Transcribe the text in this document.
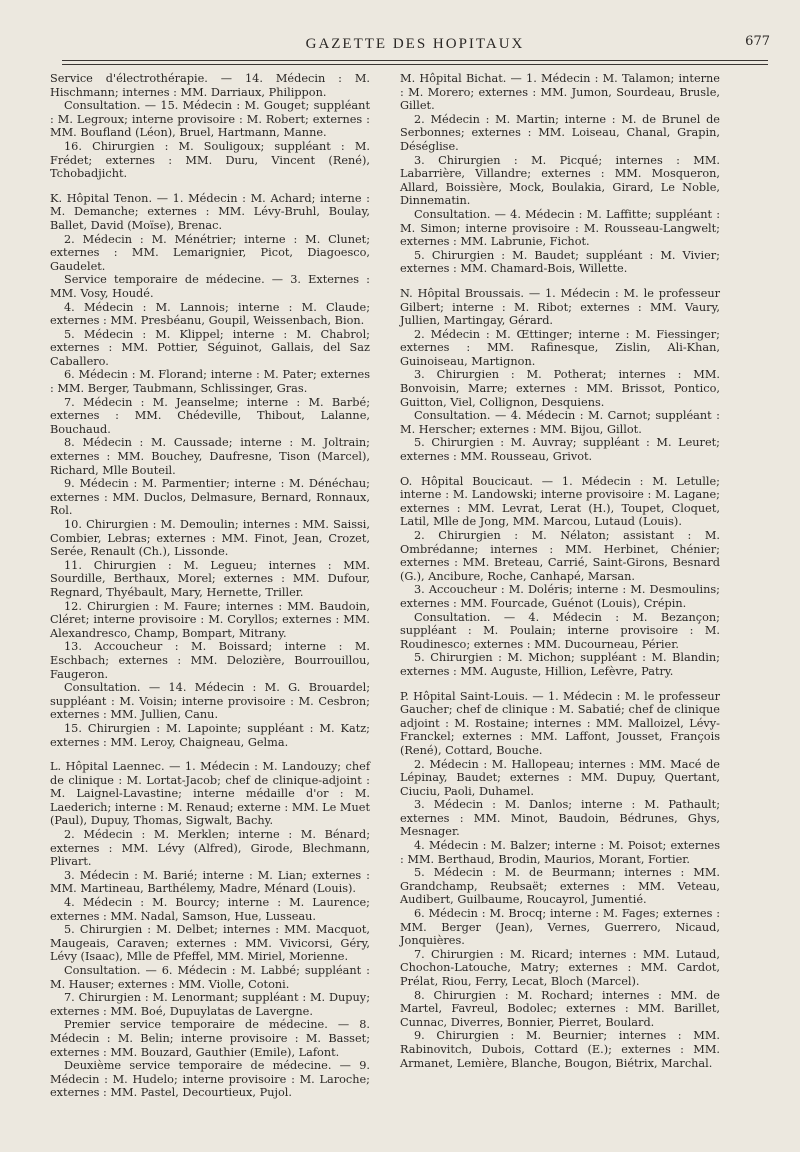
GAZETTE DES HOPITAUX	677

Service d'électrothérapie. — 14. Médecin : M. Hischmann; internes : MM. Darriaux, Philippon.

Consultation. — 15. Médecin : M. Gouget; suppléant : M. Legroux; interne provisoire : M. Robert; externes : MM. Boufland (Léon), Bruel, Hartmann, Manne.

16. Chirurgien : M. Souligoux; suppléant : M. Frédet; externes : MM. Duru, Vincent (René), Tchobadjicht.

K. Hôpital Tenon. — 1. Médecin : M. Achard; interne : M. Demanche; externes : MM. Lévy-Bruhl, Boulay, Ballet, David (Moïse), Brenac.

2. Médecin : M. Ménétrier; interne : M. Clunet; externes : MM. Lemarignier, Picot, Diagoesco, Gaudelet.

Service temporaire de médecine. — 3. Externes : MM. Vosy, Houdé.

4. Médecin : M. Lannois; interne : M. Claude; externes : MM. Presbéanu, Goupil, Weissenbach, Bion.

5. Médecin : M. Klippel; interne : M. Chabrol; externes : MM. Pottier, Séguinot, Gallais, del Saz Caballero.

6. Médecin : M. Florand; interne : M. Pater; externes : MM. Berger, Taubmann, Schlissinger, Gras.

7. Médecin : M. Jeanselme; interne : M. Barbé; externes : MM. Chédeville, Thibout, Lalanne, Bouchaud.

8. Médecin : M. Caussade; interne : M. Joltrain; externes : MM. Bouchey, Daufresne, Tison (Marcel), Richard, Mlle Bouteil.

9. Médecin : M. Parmentier; interne : M. Dénéchau; externes : MM. Duclos, Delmasure, Bernard, Ronnaux, Rol.

10. Chirurgien : M. Demoulin; internes : MM. Saissi, Combier, Lebras; externes : MM. Finot, Jean, Crozet, Serée, Renault (Ch.), Lissonde.

11. Chirurgien : M. Legueu; internes : MM. Sourdille, Berthaux, Morel; externes : MM. Dufour, Regnard, Thyébault, Mary, Hernette, Triller.

12. Chirurgien : M. Faure; internes : MM. Baudoin, Cléret; interne provisoire : M. Coryllos; externes : MM. Alexandresco, Champ, Bompart, Mitrany.

13. Accoucheur : M. Boissard; interne : M. Eschbach; externes : MM. Delozière, Bourrouillou, Faugeron.

Consultation. — 14. Médecin : M. G. Brouardel; suppléant : M. Voisin; interne provisoire : M. Cesbron; externes : MM. Jullien, Canu.

15. Chirurgien : M. Lapointe; suppléant : M. Katz; externes : MM. Leroy, Chaigneau, Gelma.

L. Hôpital Laennec. — 1. Médecin : M. Landouzy; chef de clinique : M. Lortat-Jacob; chef de clinique-adjoint : M. Laignel-Lavastine; interne médaille d'or : M. Laederich; interne : M. Renaud; externe : MM. Le Muet (Paul), Dupuy, Thomas, Sigwalt, Bachy.

2. Médecin : M. Merklen; interne : M. Bénard; externes : MM. Lévy (Alfred), Girode, Blechmann, Plivart.

3. Médecin : M. Barié; interne : M. Lian; externes : MM. Martineau, Barthélemy, Madre, Ménard (Louis).

4. Médecin : M. Bourcy; interne : M. Laurence; externes : MM. Nadal, Samson, Hue, Lusseau.

5. Chirurgien : M. Delbet; internes : MM. Macquot, Maugeais, Caraven; externes : MM. Vivicorsi, Géry, Lévy (Isaac), Mlle de Pfeffel, MM. Miriel, Morienne.

Consultation. — 6. Médecin : M. Labbé; suppléant : M. Hauser; externes : MM. Violle, Cotoni.

7. Chirurgien : M. Lenormant; suppléant : M. Dupuy; externes : MM. Boé, Dupuylatas de Lavergne.

Premier service temporaire de médecine. — 8. Médecin : M. Belin; interne provisoire : M. Basset; externes : MM. Bouzard, Gauthier (Emile), Lafont.

Deuxième service temporaire de médecine. — 9. Médecin : M. Hudelo; interne provisoire : M. Laroche; externes : MM. Pastel, Decourtieux, Pujol.

M. Hôpital Bichat. — 1. Médecin : M. Talamon; interne : M. Morero; externes : MM. Jumon, Sourdeau, Brusle, Gillet.

2. Médecin : M. Martin; interne : M. de Brunel de Serbonnes; externes : MM. Loiseau, Chanal, Grapin, Déséglise.

3. Chirurgien : M. Picqué; internes : MM. Labarrière, Villandre; externes : MM. Mosqueron, Allard, Boissière, Mock, Boulakia, Girard, Le Noble, Dinnematin.

Consultation. — 4. Médecin : M. Laffitte; suppléant : M. Simon; interne provisoire : M. Rousseau-Langwelt; externes : MM. Labrunie, Fichot.

5. Chirurgien : M. Baudet; suppléant : M. Vivier; externes : MM. Chamard-Bois, Willette.

N. Hôpital Broussais. — 1. Médecin : M. le professeur Gilbert; interne : M. Ribot; externes : MM. Vaury, Jullien, Martingay, Gérard.

2. Médecin : M. Œttinger; interne : M. Fiessinger; externes : MM. Rafinesque, Zislin, Ali-Khan, Guinoiseau, Martignon.

3. Chirurgien : M. Potherat; internes : MM. Bonvoisin, Marre; externes : MM. Brissot, Pontico, Guitton, Viel, Collignon, Desquiens.

Consultation. — 4. Médecin : M. Carnot; suppléant : M. Herscher; externes : MM. Bijou, Gillot.

5. Chirurgien : M. Auvray; suppléant : M. Leuret; externes : MM. Rousseau, Grivot.

O. Hôpital Boucicaut. — 1. Médecin : M. Letulle; interne : M. Landowski; interne provisoire : M. Lagane; externes : MM. Levrat, Lerat (H.), Toupet, Cloquet, Latil, Mlle de Jong, MM. Marcou, Lutaud (Louis).

2. Chirurgien : M. Nélaton; assistant : M. Ombrédanne; internes : MM. Herbinet, Chénier; externes : MM. Breteau, Carrié, Saint-Girons, Besnard (G.), Ancibure, Roche, Canhapé, Marsan.

3. Accoucheur : M. Doléris; interne : M. Desmoulins; externes : MM. Fourcade, Guénot (Louis), Crépin.

Consultation. — 4. Médecin : M. Bezançon; suppléant : M. Poulain; interne provisoire : M. Roudinesco; externes : MM. Ducourneau, Périer.

5. Chirurgien : M. Michon; suppléant : M. Blandin; externes : MM. Auguste, Hillion, Lefèvre, Patry.

P. Hôpital Saint-Louis. — 1. Médecin : M. le professeur Gaucher; chef de clinique : M. Sabatié; chef de clinique adjoint : M. Rostaine; internes : MM. Malloizel, Lévy-Franckel; externes : MM. Laffont, Jousset, François (René), Cottard, Bouche.

2. Médecin : M. Hallopeau; internes : MM. Macé de Lépinay, Baudet; externes : MM. Dupuy, Quertant, Ciuciu, Paoli, Duhamel.

3. Médecin : M. Danlos; interne : M. Pathault; externes : MM. Minot, Baudoin, Bédrunes, Ghys, Mesnager.

4. Médecin : M. Balzer; interne : M. Poisot; externes : MM. Berthaud, Brodin, Maurios, Morant, Fortier.

5. Médecin : M. de Beurmann; internes : MM. Grandchamp, Reubsaët; externes : MM. Veteau, Audibert, Guilbaume, Roucayrol, Jumentié.

6. Médecin : M. Brocq; interne : M. Fages; externes : MM. Berger (Jean), Vernes, Guerrero, Nicaud, Jonquières.

7. Chirurgien : M. Ricard; internes : MM. Lutaud, Chochon-Latouche, Matry; externes : MM. Cardot, Prélat, Riou, Ferry, Lecat, Bloch (Marcel).

8. Chirurgien : M. Rochard; internes : MM. de Martel, Favreul, Bodolec; externes : MM. Barillet, Cunnac, Diverres, Bonnier, Pierret, Boulard.

9. Chirurgien : M. Beurnier; internes : MM. Rabinovitch, Dubois, Cottard (E.); externes : MM. Armanet, Lemière, Blanche, Bougon, Biétrix, Marchal.
